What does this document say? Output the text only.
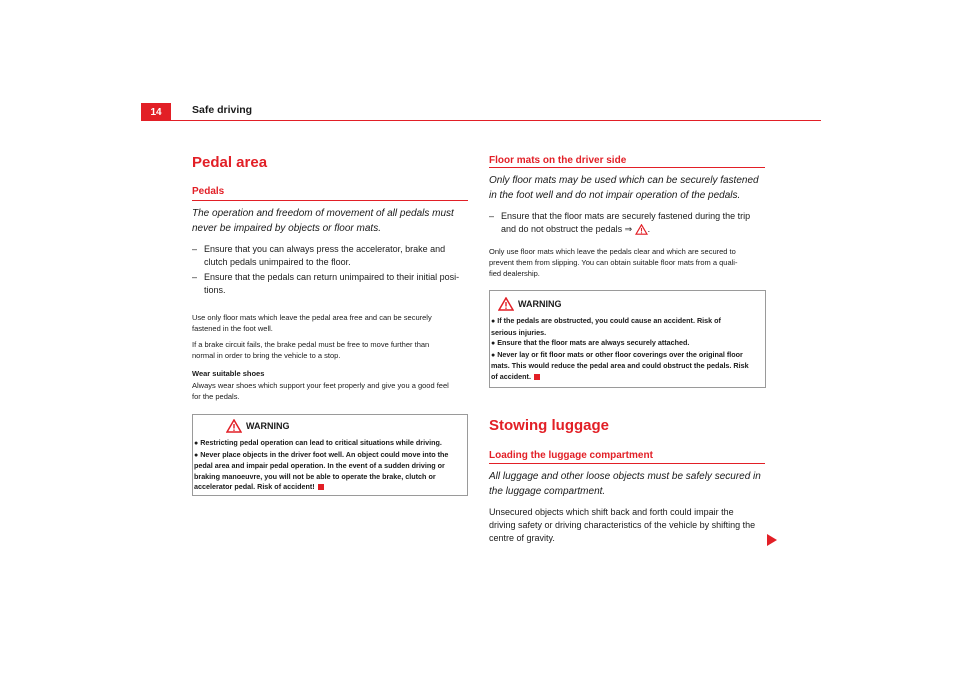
14	Safe driving
Pedal area
Pedals
The operation and freedom of movement of all pedals must
never be impaired by objects or floor mats.
– Ensure that you can always press the accelerator, brake and
clutch pedals unimpaired to the floor.
– Ensure that the pedals can return unimpaired to their initial posi-
tions.
Use only floor mats which leave the pedal area free and can be securely
fastened in the foot well.
If a brake circuit fails, the brake pedal must be free to move further than
normal in order to bring the vehicle to a stop.
Wear suitable shoes
Always wear shoes which support your feet properly and give you a good feel
for the pedals.
WARNING
● Restricting pedal operation can lead to critical situations while driving.
● Never place objects in the driver foot well. An object could move into the
pedal area and impair pedal operation. In the event of a sudden driving or
braking manoeuvre, you will not be able to operate the brake, clutch or
accelerator pedal. Risk of accident!
Floor mats on the driver side
Only floor mats may be used which can be securely fastened
in the foot well and do not impair operation of the pedals.
– Ensure that the floor mats are securely fastened during the trip
and do not obstruct the pedals ⇒ .
Only use floor mats which leave the pedals clear and which are secured to
prevent them from slipping. You can obtain suitable floor mats from a quali-
fied dealership.
WARNING
● If the pedals are obstructed, you could cause an accident. Risk of
serious injuries.
● Ensure that the floor mats are always securely attached.
● Never lay or fit floor mats or other floor coverings over the original floor
mats. This would reduce the pedal area and could obstruct the pedals. Risk
of accident.
Stowing luggage
Loading the luggage compartment
All luggage and other loose objects must be safely secured in
the luggage compartment.
Unsecured objects which shift back and forth could impair the
driving safety or driving characteristics of the vehicle by shifting the
centre of gravity.
